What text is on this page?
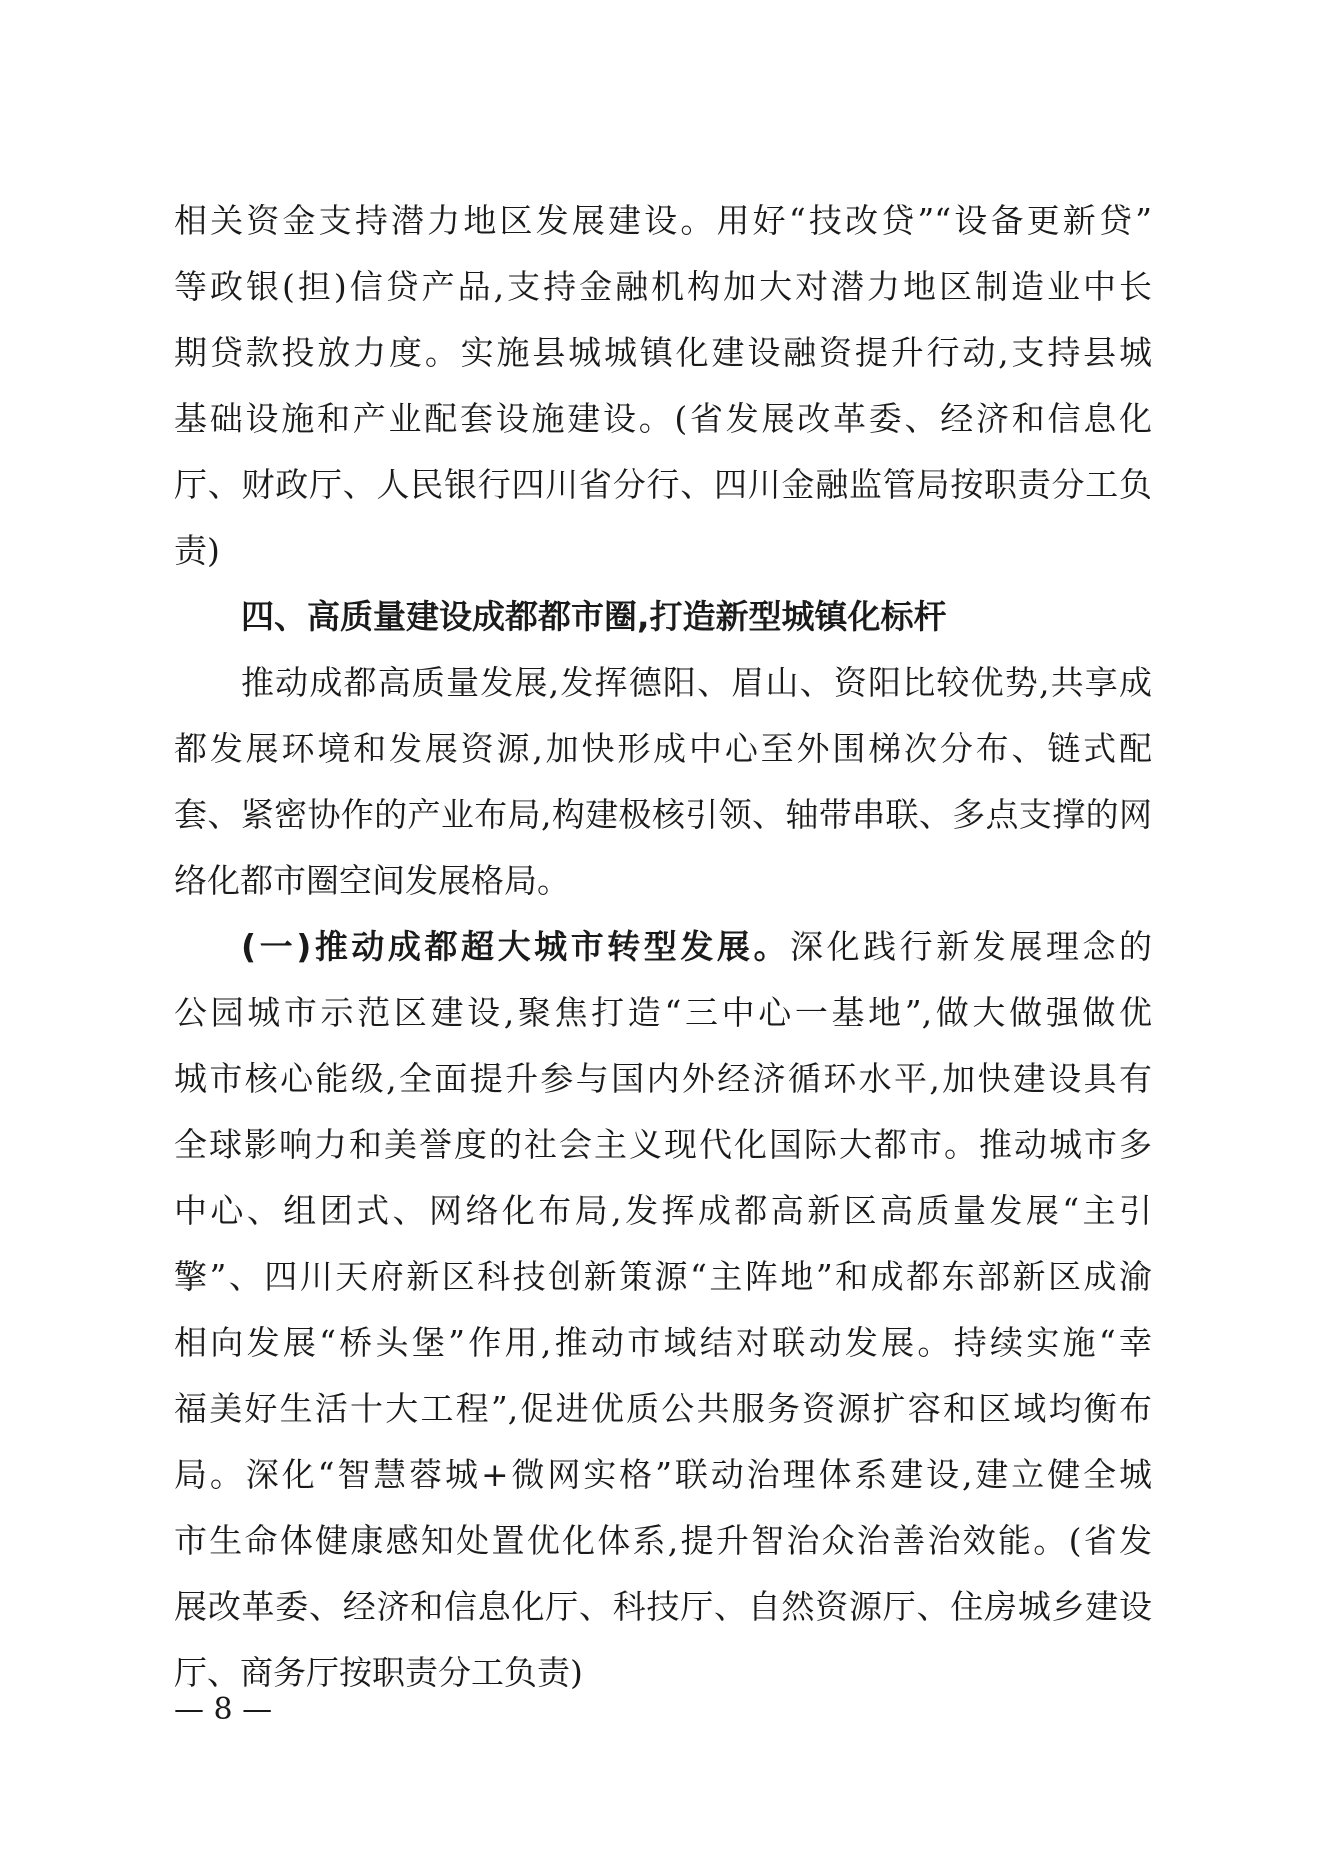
相关资金支持潜力地区发展建设。用好“技改贷”“设备更新贷”
等政银(担)信贷产品,支持金融机构加大对潜力地区制造业中长
期贷款投放力度。实施县城城镇化建设融资提升行动,支持县城
基础设施和产业配套设施建设。(省发展改革委、经济和信息化
厅、财政厅、人民银行四川省分行、四川金融监管局按职责分工负
责)
四、高质量建设成都都市圈,打造新型城镇化标杆
推动成都高质量发展,发挥德阳、眉山、资阳比较优势,共享成
都发展环境和发展资源,加快形成中心至外围梯次分布、链式配
套、紧密协作的产业布局,构建极核引领、轴带串联、多点支撑的网
络化都市圈空间发展格局。
(一)推动成都超大城市转型发展。深化践行新发展理念的
公园城市示范区建设,聚焦打造“三中心一基地”,做大做强做优
城市核心能级,全面提升参与国内外经济循环水平,加快建设具有
全球影响力和美誉度的社会主义现代化国际大都市。推动城市多
中心、组团式、网络化布局,发挥成都高新区高质量发展“主引
擎”、四川天府新区科技创新策源“主阵地”和成都东部新区成渝
相向发展“桥头堡”作用,推动市域结对联动发展。持续实施“幸
福美好生活十大工程”,促进优质公共服务资源扩容和区域均衡布
局。深化“智慧蓉城+微网实格”联动治理体系建设,建立健全城
市生命体健康感知处置优化体系,提升智治众治善治效能。(省发
展改革委、经济和信息化厅、科技厅、自然资源厅、住房城乡建设
厅、商务厅按职责分工负责)
— 8 —
